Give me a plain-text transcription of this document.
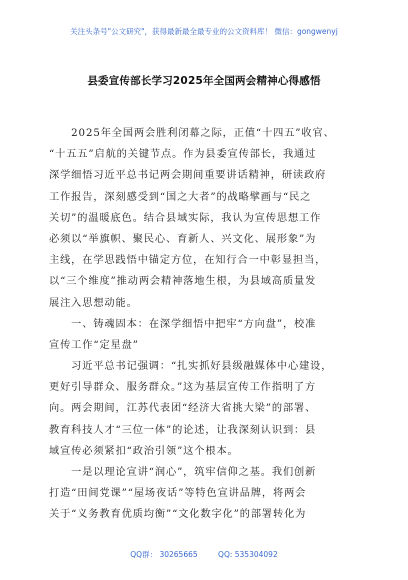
关注头条号"公文研究"，获得最新最全最专业的公文资料库！ 微信：gongwenyj
县委宣传部长学习2025年全国两会精神心得感悟
　　2025年全国两会胜利闭幕之际，正值“十四五”收官、
“十五五”启航的关键节点。作为县委宣传部长，我通过
深学细悟习近平总书记两会期间重要讲话精神，研读政府
工作报告，深刻感受到“国之大者”的战略擘画与“民之
关切”的温暖底色。结合县域实际，我认为宣传思想工作
必须以“举旗帜、聚民心、育新人、兴文化、展形象”为
主线，在学思践悟中锚定方位，在知行合一中彰显担当，
以“三个维度”推动两会精神落地生根，为县域高质量发
展注入思想动能。
　　一、铸魂固本：在深学细悟中把牢“方向盘”，校准
宣传工作“定星盘”
　　习近平总书记强调：“扎实抓好县级融媒体中心建设，
更好引导群众、服务群众。”这为基层宣传工作指明了方
向。两会期间，江苏代表团“经济大省挑大梁”的部署、
教育科技人才“三位一体”的论述，让我深刻认识到：县
域宣传必须紧扣“政治引领”这个根本。
　　一是以理论宣讲“润心”，筑牢信仰之基。我们创新
打造“田间党课”“屋场夜话”等特色宣讲品牌，将两会
关于“义务教育优质均衡”“文化数字化”的部署转化为
QQ群： 30265665	QQ: 535304092
